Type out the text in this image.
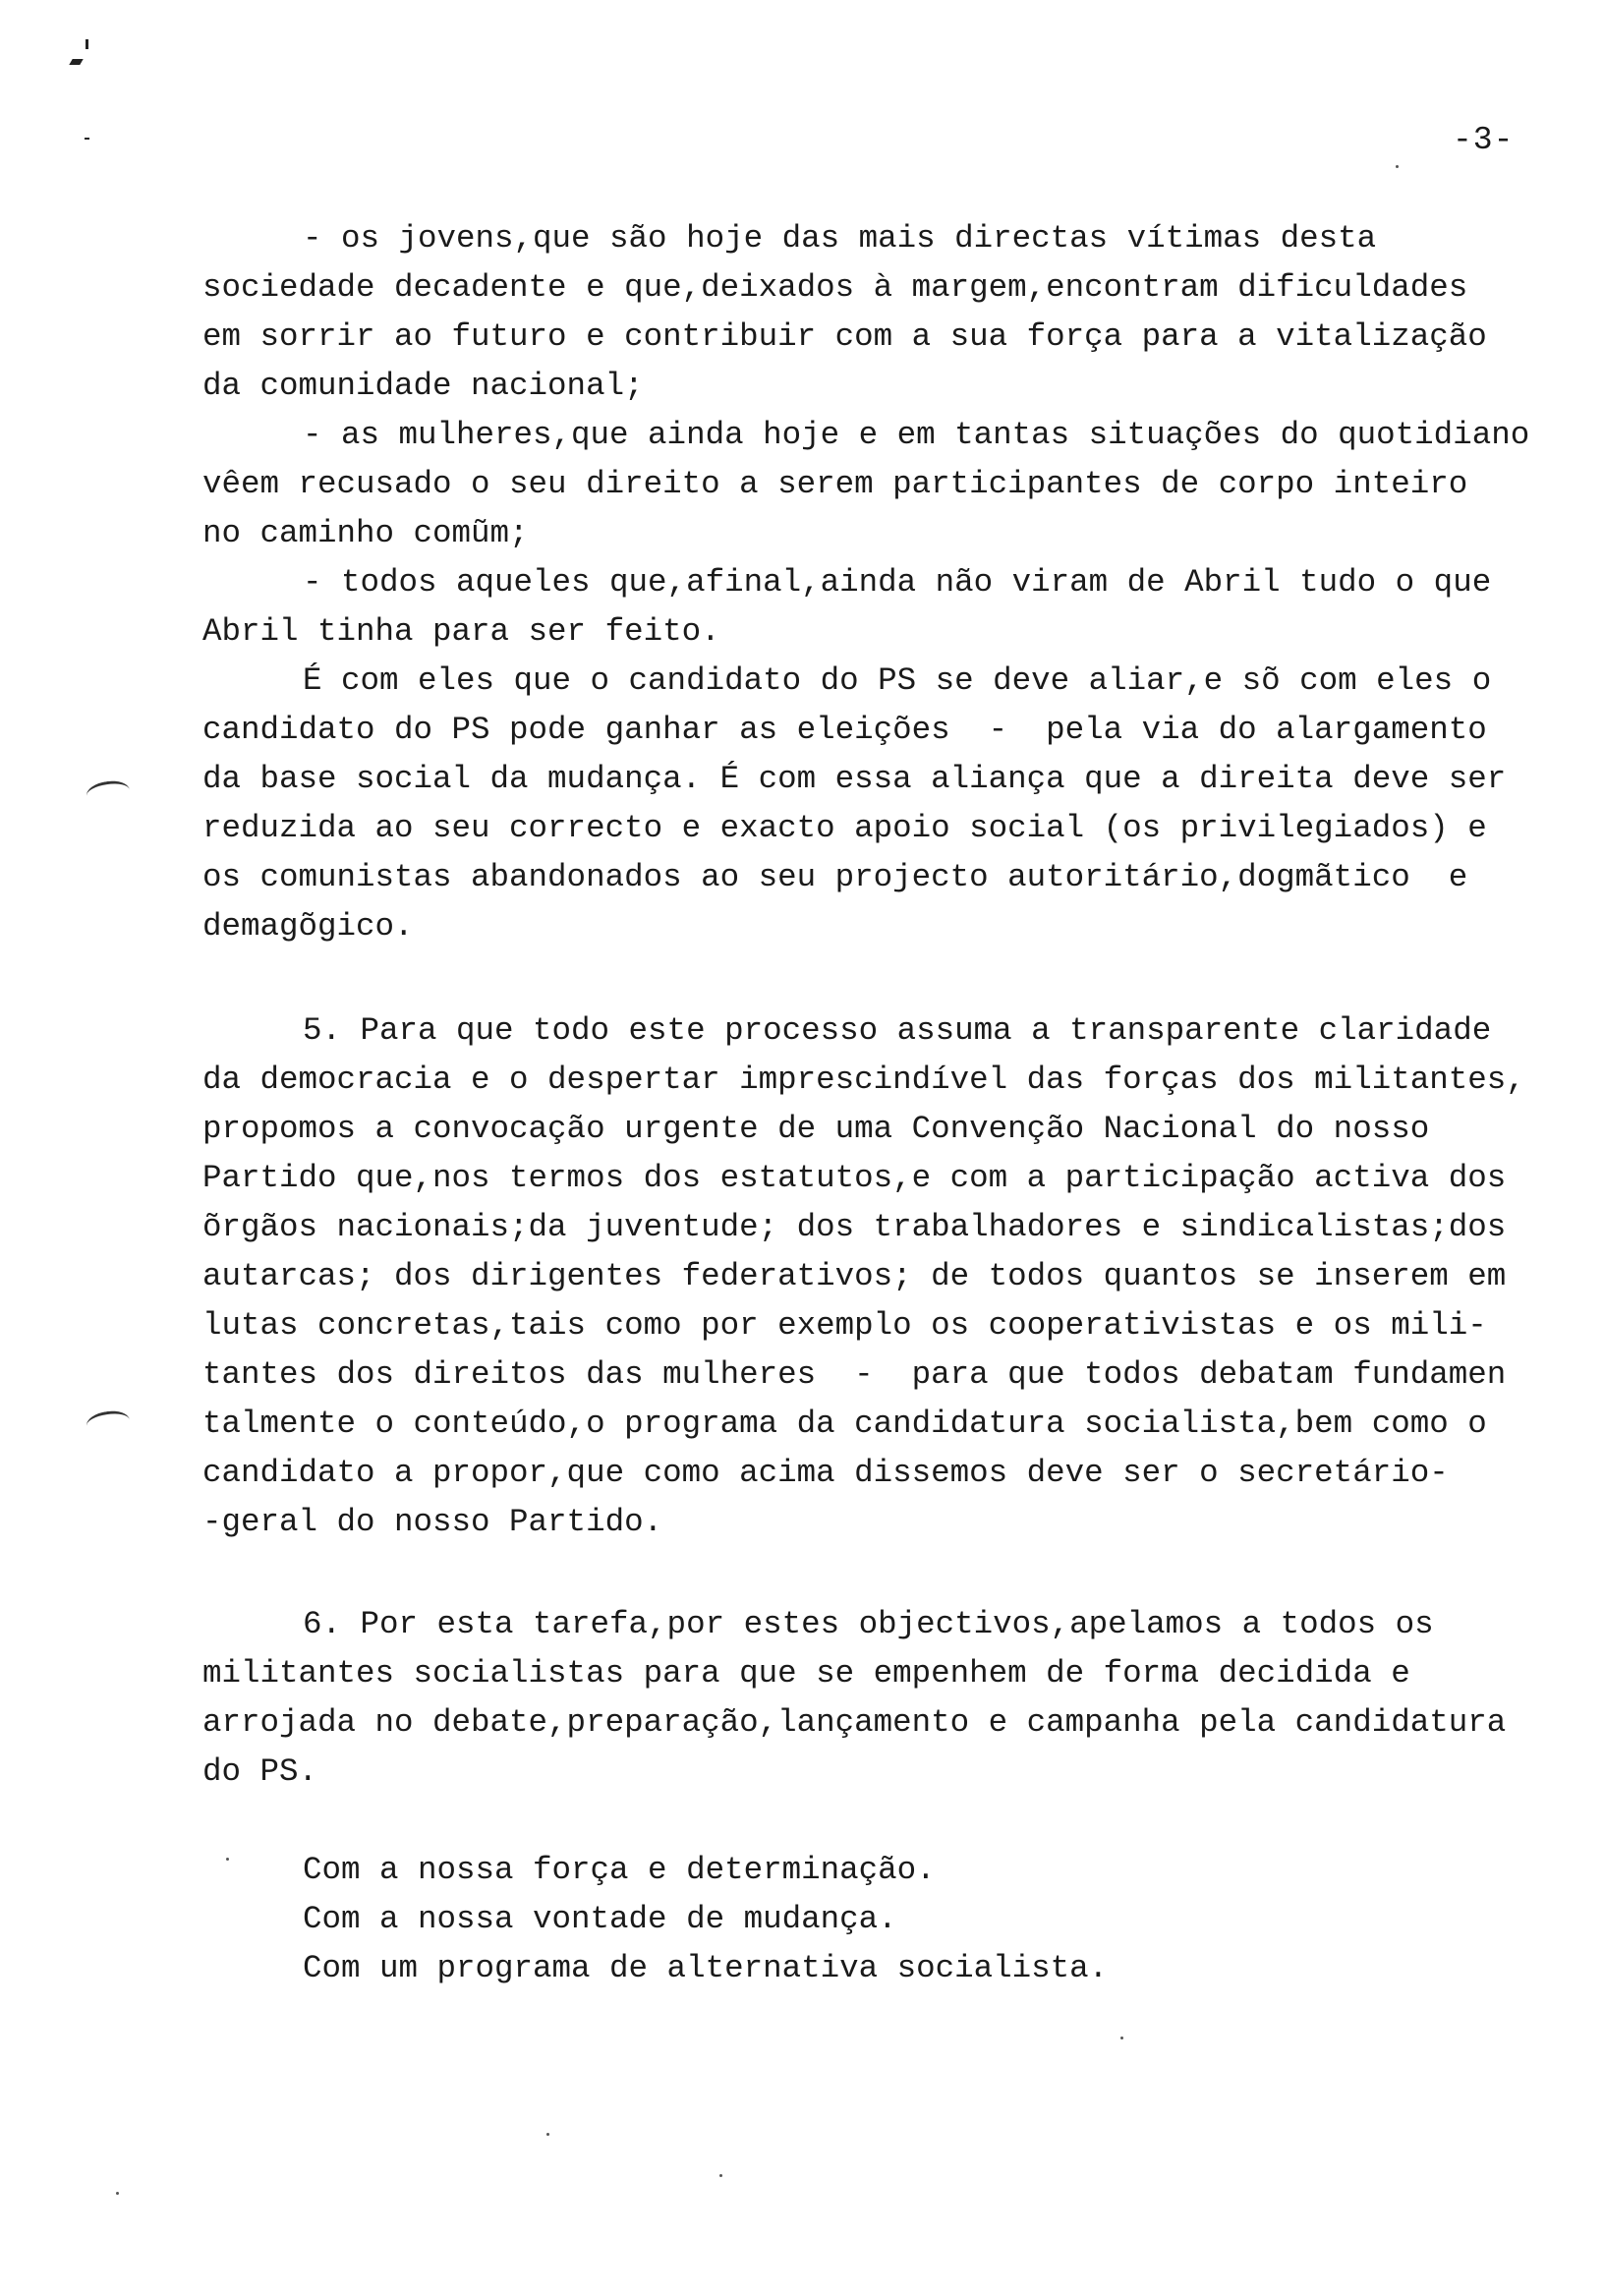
-3-
- os jovens,que são hoje das mais directas vítimas desta
sociedade decadente e que,deixados à margem,encontram dificuldades
em sorrir ao futuro e contribuir com a sua força para a vitalização
da comunidade nacional;
- as mulheres,que ainda hoje e em tantas situações do quotidiano
vêem recusado o seu direito a serem participantes de corpo inteiro
no caminho comũm;
- todos aqueles que,afinal,ainda não viram de Abril tudo o que
Abril tinha para ser feito.
É com eles que o candidato do PS se deve aliar,e sõ com eles o
candidato do PS pode ganhar as eleições  -  pela via do alargamento
da base social da mudança. É com essa aliança que a direita deve ser
reduzida ao seu correcto e exacto apoio social (os privilegiados) e
os comunistas abandonados ao seu projecto autoritário,dogmãtico  e
demagõgico.
5. Para que todo este processo assuma a transparente claridade
da democracia e o despertar imprescindível das forças dos militantes,
propomos a convocação urgente de uma Convenção Nacional do nosso
Partido que,nos termos dos estatutos,e com a participação activa dos
õrgãos nacionais;da juventude; dos trabalhadores e sindicalistas;dos
autarcas; dos dirigentes federativos; de todos quantos se inserem em
lutas concretas,tais como por exemplo os cooperativistas e os mili-
tantes dos direitos das mulheres  -  para que todos debatam fundamen
talmente o conteúdo,o programa da candidatura socialista,bem como o
candidato a propor,que como acima dissemos deve ser o secretário-
-geral do nosso Partido.
6. Por esta tarefa,por estes objectivos,apelamos a todos os
militantes socialistas para que se empenhem de forma decidida e
arrojada no debate,preparação,lançamento e campanha pela candidatura
do PS.
Com a nossa força e determinação.
Com a nossa vontade de mudança.
Com um programa de alternativa socialista.
